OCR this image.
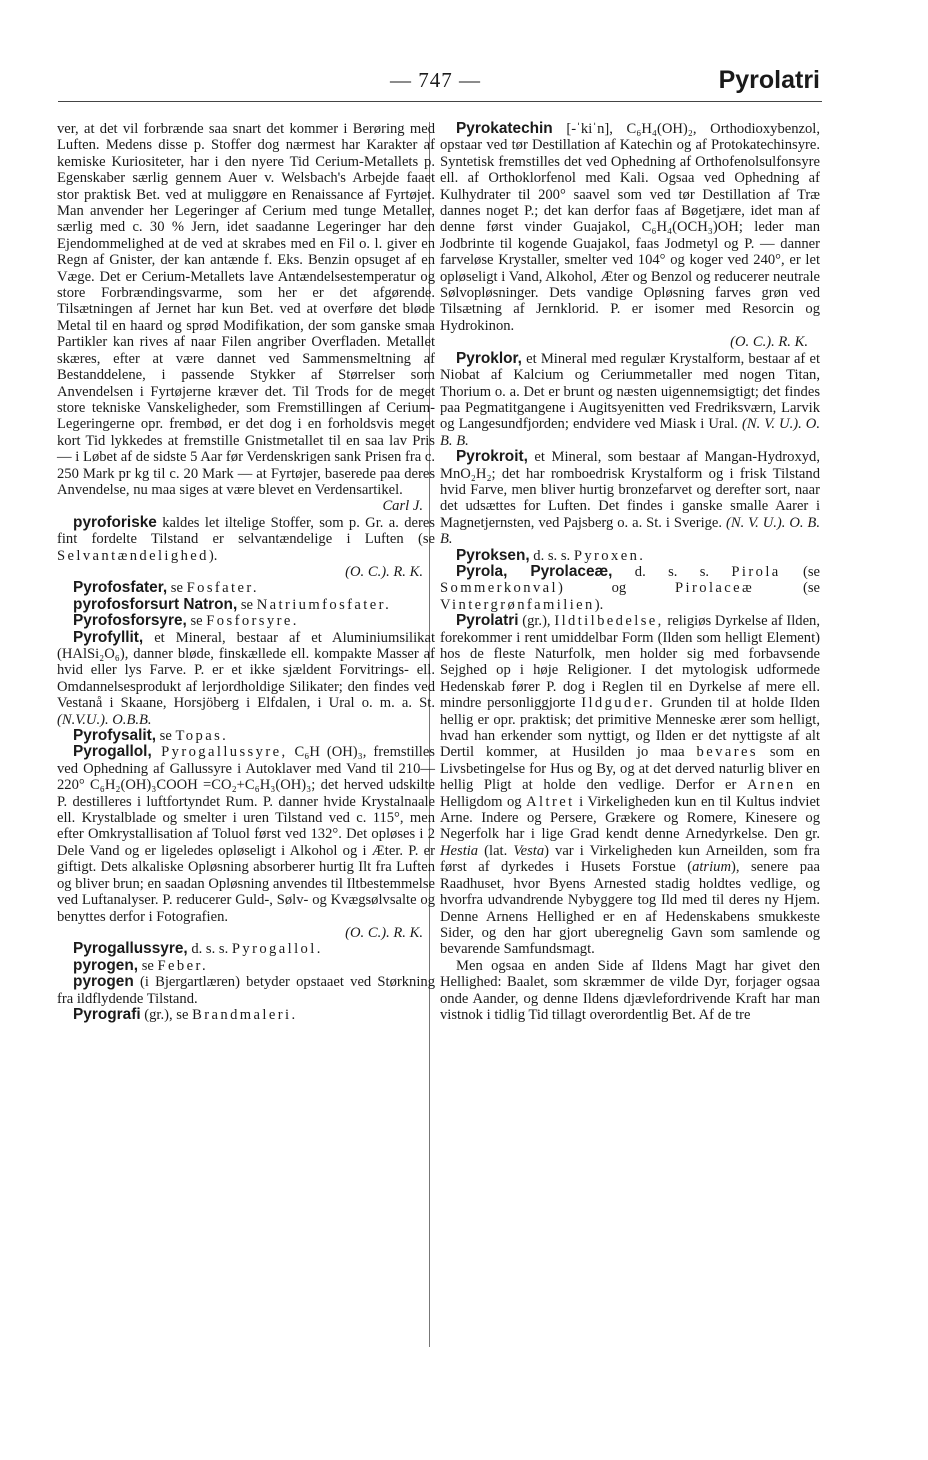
— 747 —	Pyrolatri

ver, at det vil forbrænde saa snart det kommer i Berøring med Luften. Medens disse p. Stoffer dog nærmest har Karakter af kemiske Kuriositeter, har i den nyere Tid Cerium-Metallets p. Egenskaber særlig gennem Auer v. Welsbach's Arbejde faaet stor praktisk Bet. ved at muliggøre en Renaissance af Fyrtøjet. Man anvender her Legeringer af Cerium med tunge Metaller, særlig med c. 30 % Jern, idet saadanne Legeringer har den Ejendommelighed at de ved at skrabes med en Fil o. l. giver en Regn af Gnister, der kan antænde f. Eks. Benzin opsuget af en Væge. Det er Cerium-Metallets lave Antændelsestemperatur og store Forbrændingsvarme, som her er det afgørende. Tilsætningen af Jernet har kun Bet. ved at overføre det bløde Metal til en haard og sprød Modifikation, der som ganske smaa Partikler kan rives af naar Filen angriber Overfladen. Metallet skæres, efter at være dannet ved Sammensmeltning af Bestanddelene, i passende Stykker af Størrelser som Anvendelsen i Fyrtøjerne kræver det. Til Trods for de meget store tekniske Vanskeligheder, som Fremstillingen af Cerium-Legeringerne opr. frembød, er det dog i en forholdsvis meget kort Tid lykkedes at fremstille Gnistmetallet til en saa lav Pris — i Løbet af de sidste 5 Aar før Verdenskrigen sank Prisen fra c. 250 Mark pr kg til c. 20 Mark — at Fyrtøjer, baserede paa deres Anvendelse, nu maa siges at være blevet en Verdensartikel.
Carl J.

pyroforiske kaldes let iltelige Stoffer, som p. Gr. a. deres fint fordelte Tilstand er selvantændelige i Luften (se Selvantændelighed).
(O. C.). R. K.

Pyrofosfater, se Fosfater.

pyrofosforsurt Natron, se Natriumfosfater.

Pyrofosforsyre, se Fosforsyre.

Pyrofyllit, et Mineral, bestaar af et Aluminiumsilikat (HAlSi₂O₆), danner bløde, finskællede ell. kompakte Masser af hvid eller lys Farve. P. er et ikke sjældent Forvitrings- ell. Omdannelsesprodukt af lerjordholdige Silikater; den findes ved Vestanå i Skaane, Horsjöberg i Elfdalen, i Ural o. m. a. St. (N.V.U.). O.B.B.

Pyrofysalit, se Topas.

Pyrogallol, Pyrogallussyre, C₆H (OH)₃, fremstilles ved Ophedning af Gallussyre i Autoklaver med Vand til 210—220° C₆H₂(OH)₃COOH =CO₂+C₆H₃(OH)₃; det herved udskilte P. destilleres i luftfortyndet Rum. P. danner hvide Krystalnaale ell. Krystalblade og smelter i uren Tilstand ved c. 115°, men efter Omkrystallisation af Toluol først ved 132°. Det opløses i 2 Dele Vand og er ligeledes opløseligt i Alkohol og i Æter. P. er giftigt. Dets alkaliske Opløsning absorberer hurtig Ilt fra Luften og bliver brun; en saadan Opløsning anvendes til Iltbestemmelse ved Luftanalyser. P. reducerer Guld-, Sølv- og Kvægsølvsalte og benyttes derfor i Fotografien.
(O. C.). R. K.

Pyrogallussyre, d. s. s. Pyrogallol.

pyrogen, se Feber.

pyrogen (i Bjergartlæren) betyder opstaaet ved Størkning fra ildflydende Tilstand.

Pyrografi (gr.), se Brandmaleri.

Pyrokatechin [-ˈkiˈn], C₆H₄(OH)₂, Orthodioxybenzol, opstaar ved tør Destillation af Katechin og af Protokatechinsyre. Syntetisk fremstilles det ved Ophedning af Orthofenolsulfonsyre ell. af Orthoklorfenol med Kali. Ogsaa ved Ophedning af Kulhydrater til 200° saavel som ved tør Destillation af Træ dannes noget P.; det kan derfor faas af Bøgetjære, idet man af denne først vinder Guajakol, C₆H₄(OCH₃)OH; leder man Jodbrinte til kogende Guajakol, faas Jodmetyl og P. — danner farveløse Krystaller, smelter ved 104° og koger ved 240°, er let opløseligt i Vand, Alkohol, Æter og Benzol og reducerer neutrale Sølvopløsninger. Dets vandige Opløsning farves grøn ved Tilsætning af Jernklorid. P. er isomer med Resorcin og Hydrokinon.
(O. C.). R. K.

Pyroklor, et Mineral med regulær Krystalform, bestaar af et Niobat af Kalcium og Ceriummetaller med nogen Titan, Thorium o. a. Det er brunt og næsten uigennemsigtigt; det findes paa Pegmatitgangene i Augitsyenitten ved Fredriksværn, Larvik og Langesundfjorden; endvidere ved Miask i Ural. (N. V. U.). O. B. B.

Pyrokroit, et Mineral, som bestaar af Mangan-Hydroxyd, MnO₂H₂; det har romboedrisk Krystalform og i frisk Tilstand hvid Farve, men bliver hurtig bronzefarvet og derefter sort, naar det udsættes for Luften. Det findes i ganske smalle Aarer i Magnetjernsten, ved Pajsberg o. a. St. i Sverige. (N. V. U.). O. B. B.

Pyroksen, d. s. s. Pyroxen.

Pyrola, Pyrolaceæ, d. s. s. Pirola (se Sommerkonval) og Pirolaceæ (se Vintergrønfamilien).

Pyrolatri (gr.), Ildtilbedelse, religiøs Dyrkelse af Ilden, forekommer i rent umiddelbar Form (Ilden som helligt Element) hos de fleste Naturfolk, men holder sig med forbavsende Sejghed op i høje Religioner. I det mytologisk udformede Hedenskab fører P. dog i Reglen til en Dyrkelse af mere ell. mindre personliggjorte Ildguder. Grunden til at holde Ilden hellig er opr. praktisk; det primitive Menneske ærer som helligt, hvad han erkender som nyttigt, og Ilden er det nyttigste af alt Dertil kommer, at Husilden jo maa bevares som en Livsbetingelse for Hus og By, og at det derved naturlig bliver en hellig Pligt at holde den vedlige. Derfor er Arnen en Helligdom og Altret i Virkeligheden kun en til Kultus indviet Arne. Indere og Persere, Grækere og Romere, Kinesere og Negerfolk har i lige Grad kendt denne Arnedyrkelse. Den gr. Hestia (lat. Vesta) var i Virkeligheden kun Arneilden, som fra først af dyrkedes i Husets Forstue (atrium), senere paa Raadhuset, hvor Byens Arnested stadig holdtes vedlige, og hvorfra udvandrende Nybyggere tog Ild med til deres ny Hjem. Denne Arnens Hellighed er en af Hedenskabens smukkeste Sider, og den har gjort uberegnelig Gavn som samlende og bevarende Samfundsmagt.

Men ogsaa en anden Side af Ildens Magt har givet den Hellighed: Baalet, som skræmmer de vilde Dyr, forjager ogsaa onde Aander, og denne Ildens djævlefordrivende Kraft har man vistnok i tidlig Tid tillagt overordentlig Bet. Af de tre
